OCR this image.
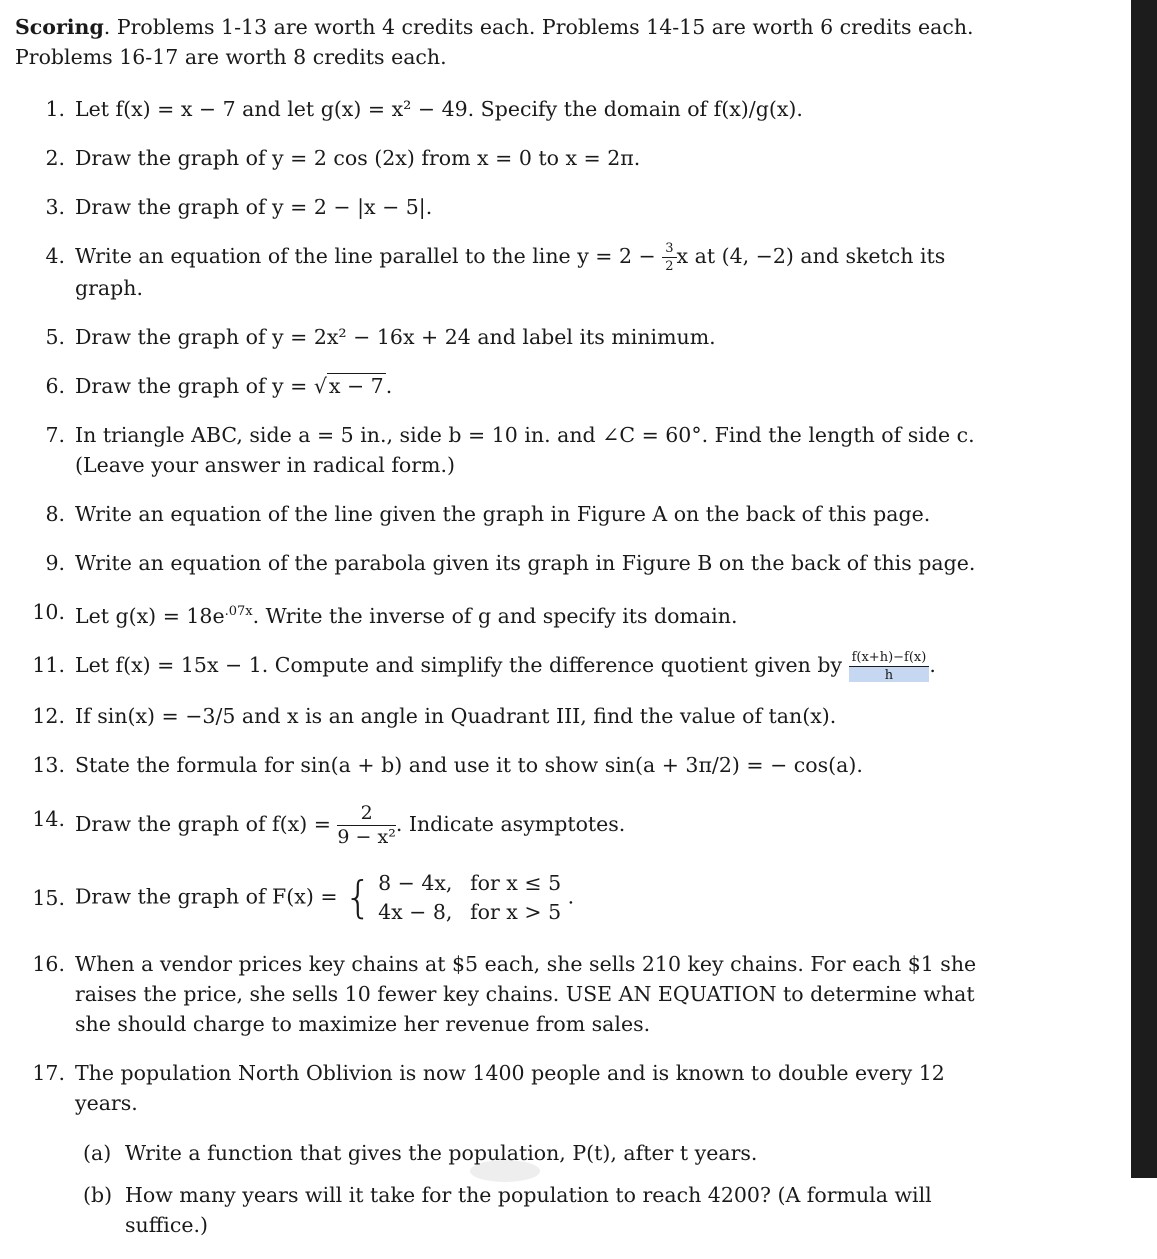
Scoring. Problems 1-13 are worth 4 credits each. Problems 14-15 are worth 6 credits each. Problems 16-17 are worth 8 credits each.

1. Let f(x) = x − 7 and let g(x) = x² − 49. Specify the domain of f(x)/g(x).
2. Draw the graph of y = 2 cos (2x) from x = 0 to x = 2π.
3. Draw the graph of y = 2 − |x − 5|.
4. Write an equation of the line parallel to the line $y = 2 - \frac{3}{2}$ x at (4, −2) and sketch its graph.
5. Draw the graph of y = 2x² − 16x + 24 and label its minimum.
6. Draw the graph of y = √x − 7.
7. In triangle ABC, side a = 5 in., side b = 10 in. and ∠C = 60°. Find the length of side c. (Leave your answer in radical form.)
8. Write an equation of the line given the graph in Figure A on the back of this page.
9. Write an equation of the parabola given its graph in Figure B on the back of this page.
10. Let $g(x) = 18e^{.07x}$. Write the inverse of g and specify its domain.
11. Let f(x) = 15x − 1. Compute and simplify the difference quotient given by $\frac{f(x+h)-f(x)}{h}$ .
12. If sin(x) = −3/5 and x is an angle in Quadrant III, find the value of tan(x).
13. State the formula for sin(a + b) and use it to show sin(a + 3π/2) = − cos(a).
14. Draw the graph of $f(x) = \frac{2}{\text{9 − x²}}$ . Indicate asymptotes.
15. Draw the graph of F(x) = { 8 − 4x, for x ≤ 5
4x − 8, for x > 5
.
16. When a vendor prices key chains at $5 each, she sells 210 key chains. For each $1 she raises the price, she sells 10 fewer key chains. USE AN EQUATION to determine what she should charge to maximize her revenue from sales.
17. The population North Oblivion is now 1400 people and is known to double every 12 years.
(a) Write a function that gives the population, P(t), after t years.
(b) How many years will it take for the population to reach 4200? (A formula will suffice.)
